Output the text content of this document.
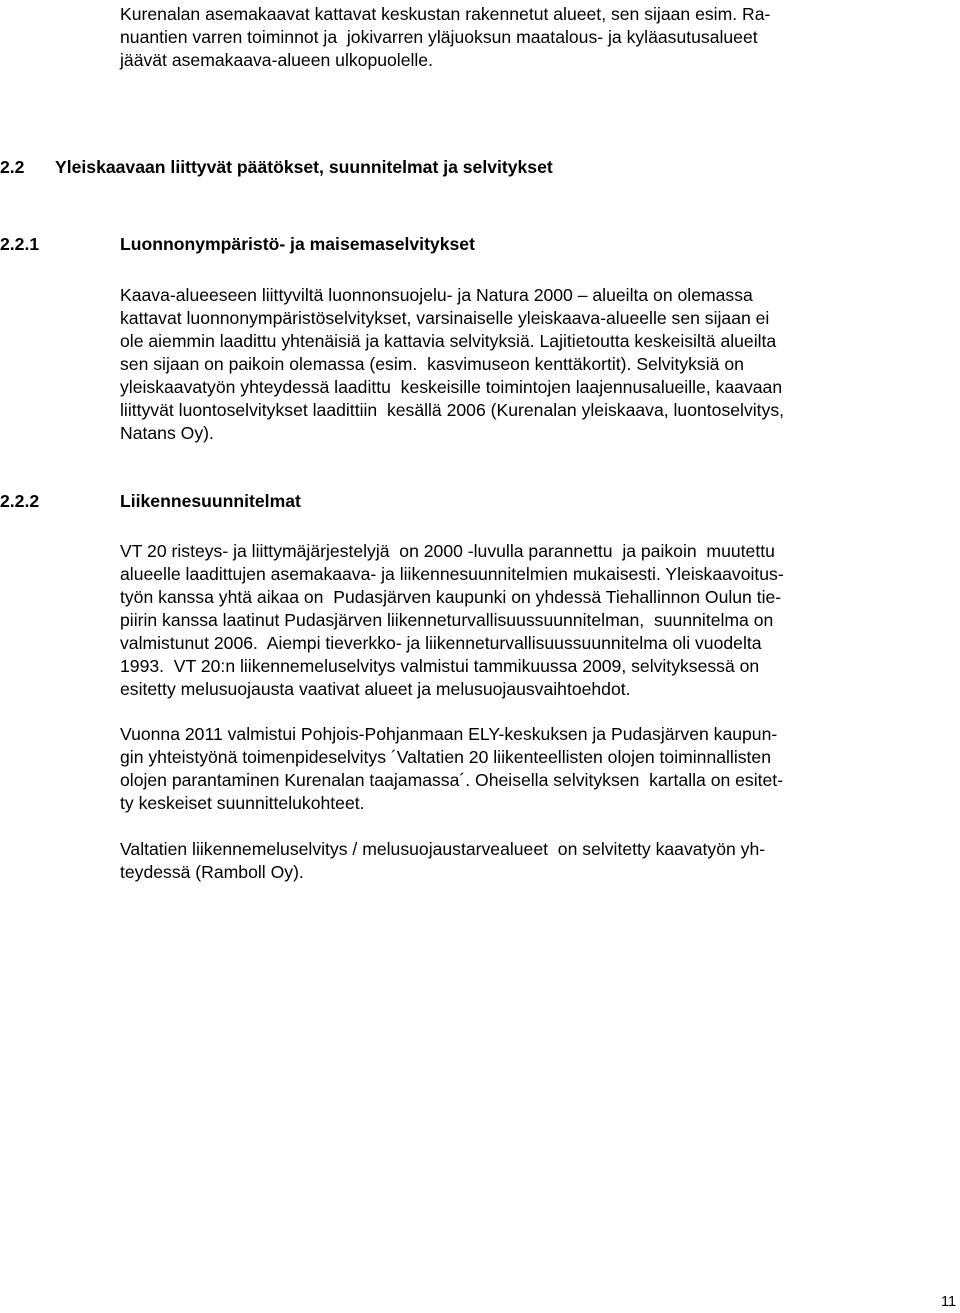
Kurenalan asemakaavat kattavat keskustan rakennetut alueet, sen sijaan esim. Ra-
nuantien varren toiminnot ja  jokivarren yläjuoksun maatalous- ja kyläasutusalueet
jäävät asemakaava-alueen ulkopuolelle.

2.2

Yleiskaavaan liittyvät päätökset, suunnitelmat ja selvitykset

2.2.1

	Luonnonympäristö- ja maisemaselvitykset

Kaava-alueeseen liittyviltä luonnonsuojelu- ja Natura 2000 – alueilta on olemassa
kattavat luonnonympäristöselvitykset, varsinaiselle yleiskaava-alueelle sen sijaan ei
ole aiemmin laadittu yhtenäisiä ja kattavia selvityksiä. Lajitietoutta keskeisiltä alueilta
sen sijaan on paikoin olemassa (esim.  kasvimuseon kenttäkortit). Selvityksiä on
yleiskaavatyön yhteydessä laadittu  keskeisille toimintojen laajennusalueille, kaavaan
liittyvät luontoselvitykset laadittiin  kesällä 2006 (Kurenalan yleiskaava, luontoselvitys,
Natans Oy).

2.2.2

	Liikennesuunnitelmat

VT 20 risteys- ja liittymäjärjestelyjä  on 2000 -luvulla parannettu  ja paikoin  muutettu
alueelle laadittujen asemakaava- ja liikennesuunnitelmien mukaisesti. Yleiskaavoitus-
työn kanssa yhtä aikaa on  Pudasjärven kaupunki on yhdessä Tiehallinnon Oulun tie-
piirin kanssa laatinut Pudasjärven liikenneturvallisuussuunnitelman,  suunnitelma on
valmistunut 2006.  Aiempi tieverkko- ja liikenneturvallisuussuunnitelma oli vuodelta
1993.  VT 20:n liikennemeluselvitys valmistui tammikuussa 2009, selvityksessä on
esitetty melusuojausta vaativat alueet ja melusuojausvaihtoehdot.
Vuonna 2011 valmistui Pohjois-Pohjanmaan ELY-keskuksen ja Pudasjärven kaupun-
gin yhteistyönä toimenpideselvitys ´Valtatien 20 liikenteellisten olojen toiminnallisten
olojen parantaminen Kurenalan taajamassa´. Oheisella selvityksen  kartalla on esitet-
ty keskeiset suunnittelukohteet.
Valtatien liikennemeluselvitys / melusuojaustarvealueet  on selvitetty kaavatyön yh-
teydessä (Ramboll Oy).
11
